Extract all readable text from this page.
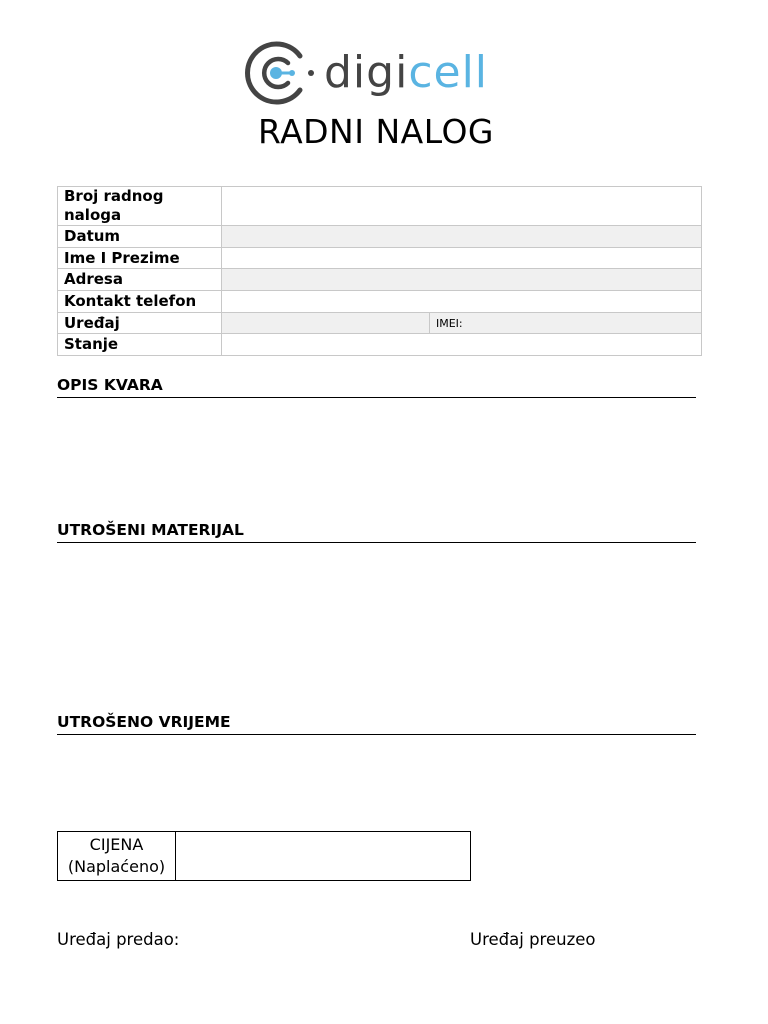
digicell
RADNI NALOG
Broj radnog naloga		
Datum		
Ime I Prezime		
Adresa		
Kontakt telefon		
Uređaj		IMEI:
Stanje		
OPIS KVARA
UTROŠENI MATERIJAL
UTROŠENO VRIJEME
CIJENA
(Naplaćeno)	
Uređaj predao:	Uređaj preuzeo
